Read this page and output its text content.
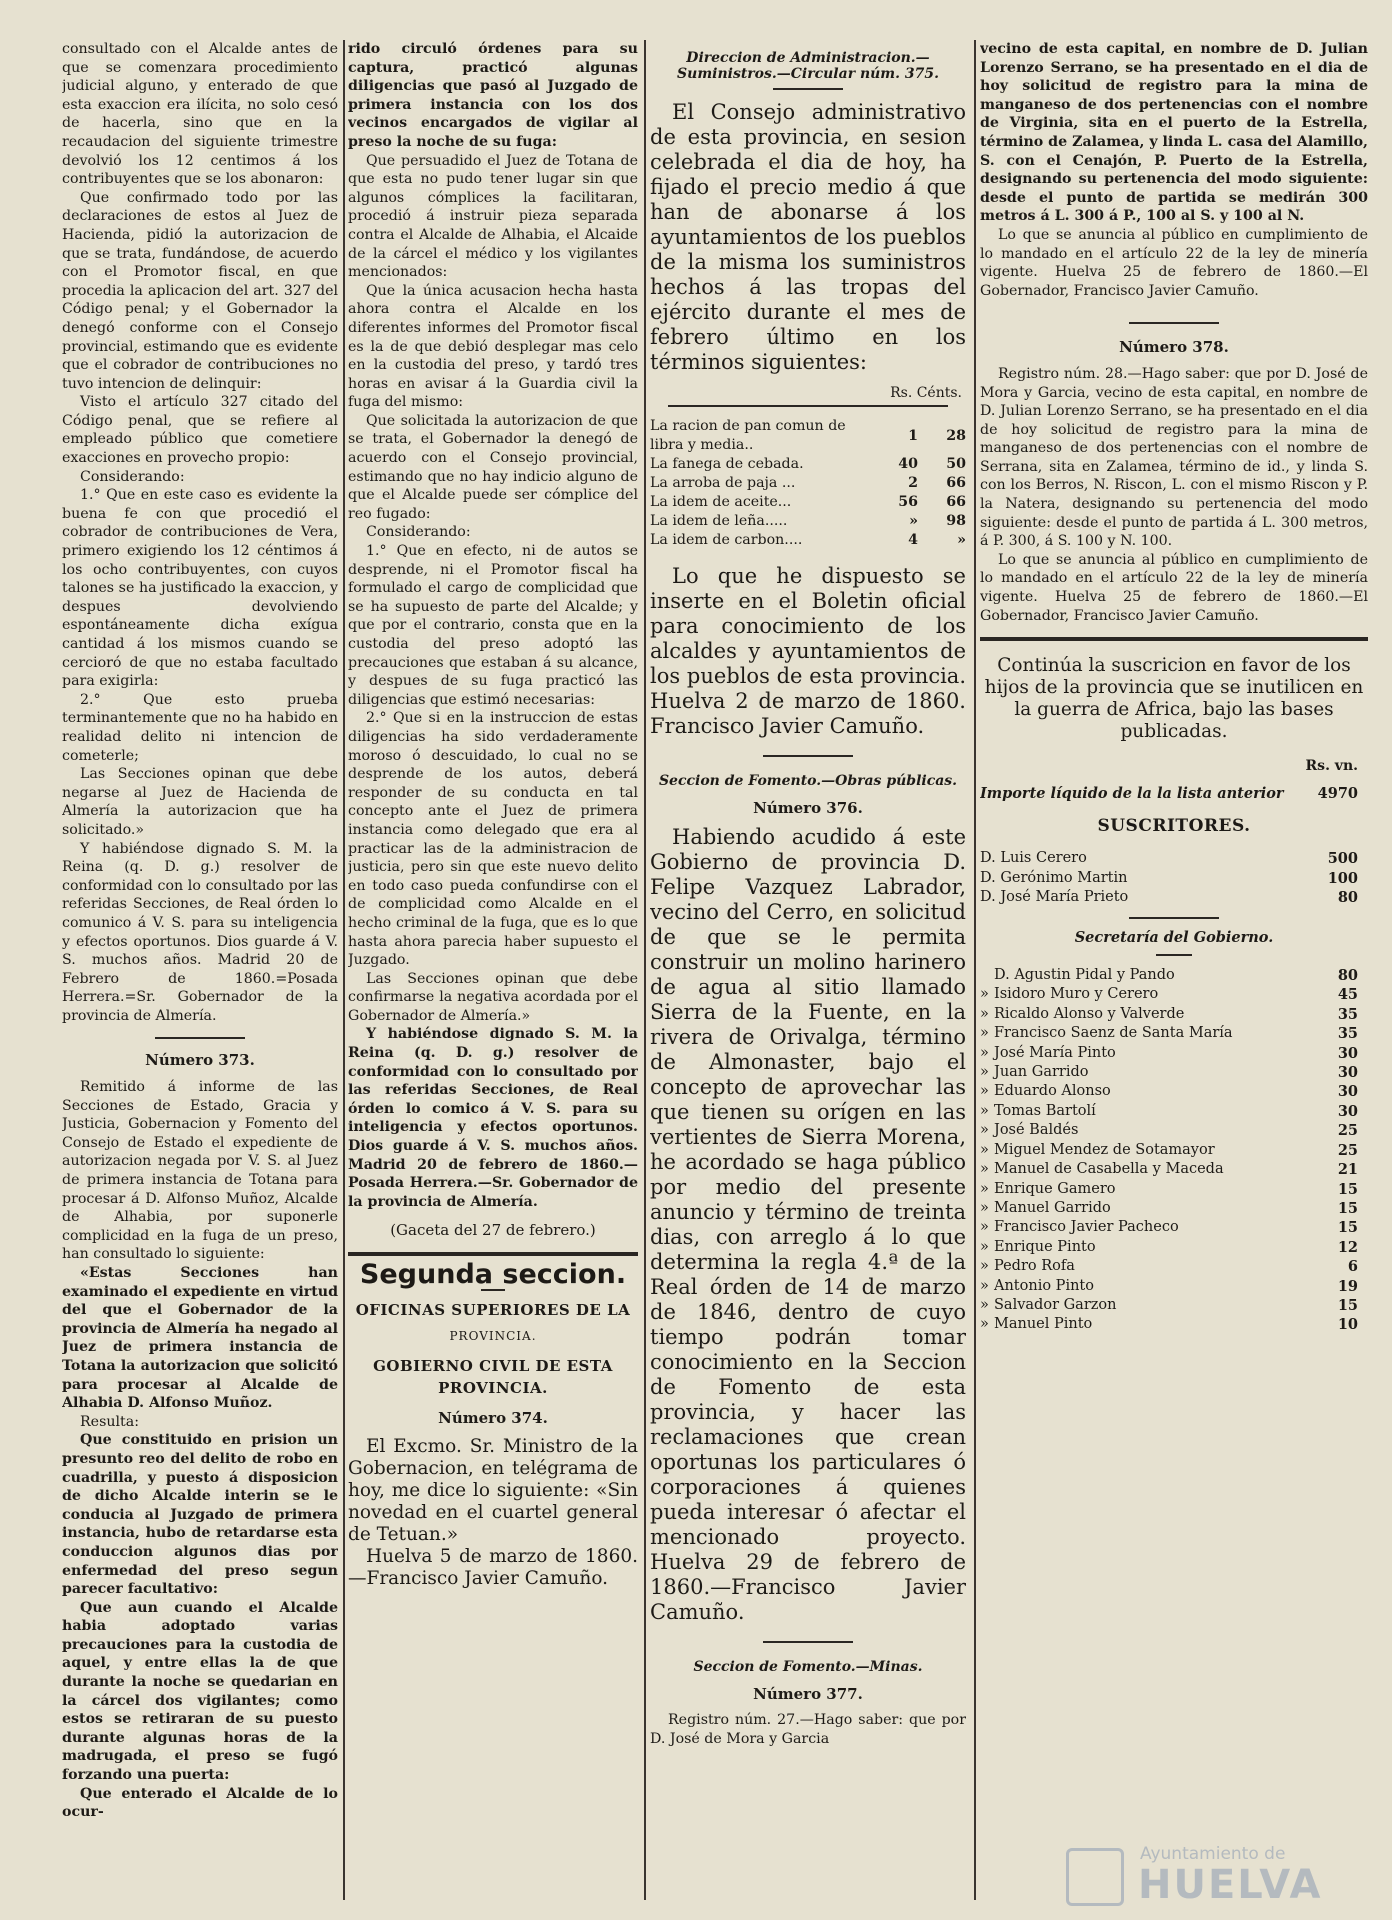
consultado con el Alcalde antes de que se comenzara procedimiento judicial alguno, y enterado de que esta exaccion era ilícita, no solo cesó de hacerla, sino que en la recaudacion del siguiente trimestre devolvió los 12 centimos á los contribuyentes que se los abonaron:

Que confirmado todo por las declaraciones de estos al Juez de Hacienda, pidió la autorizacion de que se trata, fundándose, de acuerdo con el Promotor fiscal, en que procedia la aplicacion del art. 327 del Código penal; y el Gobernador la denegó conforme con el Consejo provincial, estimando que es evidente que el cobrador de contribuciones no tuvo intencion de delinquir:

Visto el artículo 327 citado del Código penal, que se refiere al empleado público que cometiere exacciones en provecho propio:

Considerando:

1.° Que en este caso es evidente la buena fe con que procedió el cobrador de contribuciones de Vera, primero exigiendo los 12 céntimos á los ocho contribuyentes, con cuyos talones se ha justificado la exaccion, y despues devolviendo espontáneamente dicha exígua cantidad á los mismos cuando se cercioró de que no estaba facultado para exigirla:

2.° Que esto prueba terminantemente que no ha habido en realidad delito ni intencion de cometerle;

Las Secciones opinan que debe negarse al Juez de Hacienda de Almería la autorizacion que ha solicitado.»

Y habiéndose dignado S. M. la Reina (q. D. g.) resolver de conformidad con lo consultado por las referidas Secciones, de Real órden lo comunico á V. S. para su inteligencia y efectos oportunos. Dios guarde á V. S. muchos años. Madrid 20 de Febrero de 1860.=Posada Herrera.=Sr. Gobernador de la provincia de Almería.

Número 373.

Remitido á informe de las Secciones de Estado, Gracia y Justicia, Gobernacion y Fomento del Consejo de Estado el expediente de autorizacion negada por V. S. al Juez de primera instancia de Totana para procesar á D. Alfonso Muñoz, Alcalde de Alhabia, por suponerle complicidad en la fuga de un preso, han consultado lo siguiente:

«Estas Secciones han examinado el expediente en virtud del que el Gobernador de la provincia de Almería ha negado al Juez de primera instancia de Totana la autorizacion que solicitó para procesar al Alcalde de Alhabia D. Alfonso Muñoz.

Resulta:

Que constituido en prision un presunto reo del delito de robo en cuadrilla, y puesto á disposicion de dicho Alcalde interin se le conducia al Juzgado de primera instancia, hubo de retardarse esta conduccion algunos dias por enfermedad del preso segun parecer facultativo:

Que aun cuando el Alcalde habia adoptado varias precauciones para la custodia de aquel, y entre ellas la de que durante la noche se quedarian en la cárcel dos vigilantes; como estos se retiraran de su puesto durante algunas horas de la madrugada, el preso se fugó forzando una puerta:

Que enterado el Alcalde de lo ocur-

rido circuló órdenes para su captura, practicó algunas diligencias que pasó al Juzgado de primera instancia con los dos vecinos encargados de vigilar al preso la noche de su fuga:

Que persuadido el Juez de Totana de que esta no pudo tener lugar sin que algunos cómplices la facilitaran, procedió á instruir pieza separada contra el Alcalde de Alhabia, el Alcaide de la cárcel el médico y los vigilantes mencionados:

Que la única acusacion hecha hasta ahora contra el Alcalde en los diferentes informes del Promotor fiscal es la de que debió desplegar mas celo en la custodia del preso, y tardó tres horas en avisar á la Guardia civil la fuga del mismo:

Que solicitada la autorizacion de que se trata, el Gobernador la denegó de acuerdo con el Consejo provincial, estimando que no hay indicio alguno de que el Alcalde puede ser cómplice del reo fugado:

Considerando:

1.° Que en efecto, ni de autos se desprende, ni el Promotor fiscal ha formulado el cargo de complicidad que se ha supuesto de parte del Alcalde; y que por el contrario, consta que en la custodia del preso adoptó las precauciones que estaban á su alcance, y despues de su fuga practicó las diligencias que estimó necesarias:

2.° Que si en la instruccion de estas diligencias ha sido verdaderamente moroso ó descuidado, lo cual no se desprende de los autos, deberá responder de su conducta en tal concepto ante el Juez de primera instancia como delegado que era al practicar las de la administracion de justicia, pero sin que este nuevo delito en todo caso pueda confundirse con el de complicidad como Alcalde en el hecho criminal de la fuga, que es lo que hasta ahora parecia haber supuesto el Juzgado.

Las Secciones opinan que debe confirmarse la negativa acordada por el Gobernador de Almería.»

Y habiéndose dignado S. M. la Reina (q. D. g.) resolver de conformidad con lo consultado por las referidas Secciones, de Real órden lo comico á V. S. para su inteligencia y efectos oportunos. Dios guarde á V. S. muchos años. Madrid 20 de febrero de 1860.—Posada Herrera.—Sr. Gobernador de la provincia de Almería.

(Gaceta del 27 de febrero.)

Segunda seccion.
OFICINAS SUPERIORES DE LA
PROVINCIA.
GOBIERNO CIVIL DE ESTA PROVINCIA.
Número 374.

El Excmo. Sr. Ministro de la Gobernacion, en telégrama de hoy, me dice lo siguiente: «Sin novedad en el cuartel general de Tetuan.»

Huelva 5 de marzo de 1860.—Francisco Javier Camuño.

Direccion de Administracion.—Suministros.—Circular núm. 375.

El Consejo administrativo de esta provincia, en sesion celebrada el dia de hoy, ha fijado el precio medio á que han de abonarse á los ayuntamientos de los pueblos de la misma los suministros hechos á las tropas del ejército durante el mes de febrero último en los términos siguientes:

Rs. Cénts.
La racion de pan comun de libra y media..	1	28
La fanega de cebada.	40	50
La arroba de paja ...	2	66
La idem de aceite...	56	66
La idem de leña.....	»	98
La idem de carbon....	4	»

Lo que he dispuesto se inserte en el Boletin oficial para conocimiento de los alcaldes y ayuntamientos de los pueblos de esta provincia. Huelva 2 de marzo de 1860. Francisco Javier Camuño.

Seccion de Fomento.—Obras públicas.
Número 376.

Habiendo acudido á este Gobierno de provincia D. Felipe Vazquez Labrador, vecino del Cerro, en solicitud de que se le permita construir un molino harinero de agua al sitio llamado Sierra de la Fuente, en la rivera de Orivalga, término de Almonaster, bajo el concepto de aprovechar las que tienen su orígen en las vertientes de Sierra Morena, he acordado se haga público por medio del presente anuncio y término de treinta dias, con arreglo á lo que determina la regla 4.ª de la Real órden de 14 de marzo de 1846, dentro de cuyo tiempo podrán tomar conocimiento en la Seccion de Fomento de esta provincia, y hacer las reclamaciones que crean oportunas los particulares ó corporaciones á quienes pueda interesar ó afectar el mencionado proyecto. Huelva 29 de febrero de 1860.—Francisco Javier Camuño.

Seccion de Fomento.—Minas.
Número 377.

Registro núm. 27.—Hago saber: que por D. José de Mora y Garcia

vecino de esta capital, en nombre de D. Julian Lorenzo Serrano, se ha presentado en el dia de hoy solicitud de registro para la mina de manganeso de dos pertenencias con el nombre de Virginia, sita en el puerto de la Estrella, término de Zalamea, y linda L. casa del Alamillo, S. con el Cenajón, P. Puerto de la Estrella, designando su pertenencia del modo siguiente: desde el punto de partida se medirán 300 metros á L. 300 á P., 100 al S. y 100 al N.

Lo que se anuncia al público en cumplimiento de lo mandado en el artículo 22 de la ley de minería vigente. Huelva 25 de febrero de 1860.—El Gobernador, Francisco Javier Camuño.

Número 378.

Registro núm. 28.—Hago saber: que por D. José de Mora y Garcia, vecino de esta capital, en nombre de D. Julian Lorenzo Serrano, se ha presentado en el dia de hoy solicitud de registro para la mina de manganeso de dos pertenencias con el nombre de Serrana, sita en Zalamea, término de id., y linda S. con los Berros, N. Riscon, L. con el mismo Riscon y P. la Natera, designando su pertenencia del modo siguiente: desde el punto de partida á L. 300 metros, á P. 300, á S. 100 y N. 100.

Lo que se anuncia al público en cumplimiento de lo mandado en el artículo 22 de la ley de minería vigente. Huelva 25 de febrero de 1860.—El Gobernador, Francisco Javier Camuño.

Continúa la suscricion en favor de los hijos de la provincia que se inutilicen en la guerra de Africa, bajo las bases publicadas.

Rs. vn.
Importe líquido de la la lista anterior	4970
SUSCRITORES.
D. Luis Cerero	500
D. Gerónimo Martin	100
D. José María Prieto	80
Secretaría del Gobierno.
	D. Agustin Pidal y Pando	80
»	Isidoro Muro y Cerero	45
»	Ricaldo Alonso y Valverde	35
»	Francisco Saenz de Santa María	35
»	José María Pinto	30
»	Juan Garrido	30
»	Eduardo Alonso	30
»	Tomas Bartolí	30
»	José Baldés	25
»	Miguel Mendez de Sotamayor	25
»	Manuel de Casabella y Maceda	21
»	Enrique Gamero	15
»	Manuel Garrido	15
»	Francisco Javier Pacheco	15
»	Enrique Pinto	12
»	Pedro Rofa	6
»	Antonio Pinto	19
»	Salvador Garzon	15
»	Manuel Pinto	10
Ayuntamiento de
HUELVA
